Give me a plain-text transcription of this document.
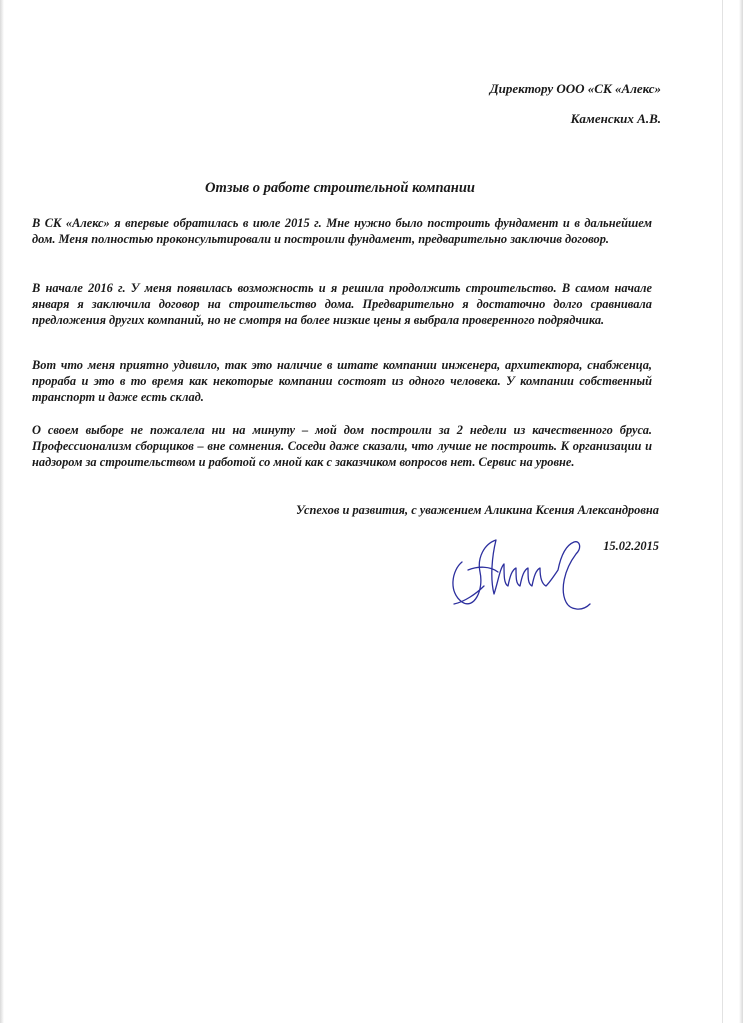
Директору ООО «СК «Алекс»
Каменских А.В.
Отзыв о работе строительной компании

В СК «Алекс» я впервые обратилась в июле 2015 г. Мне нужно было построить фундамент и в дальнейшем дом. Меня полностью проконсультировали и построили фундамент, предварительно заключив договор.

В начале 2016 г. У меня появилась возможность и я решила продолжить строительство. В самом начале января я заключила договор на строительство дома. Предварительно я достаточно долго сравнивала предложения других компаний, но не смотря на более низкие цены я выбрала проверенного подрядчика.

Вот что меня приятно удивило, так это наличие в штате компании инженера, архитектора, снабженца, прораба и это в то время как некоторые компании состоят из одного человека. У компании собственный транспорт и даже есть склад.

О своем выборе не пожалела ни на минуту – мой дом построили за 2 недели из качественного бруса. Профессионализм сборщиков – вне сомнения. Соседи даже сказали, что лучше не построить. К организации и надзором за строительством и работой со мной как с заказчиком вопросов нет. Сервис на уровне.

Успехов и развития, с уважением Аликина Ксения Александровна
15.02.2015
